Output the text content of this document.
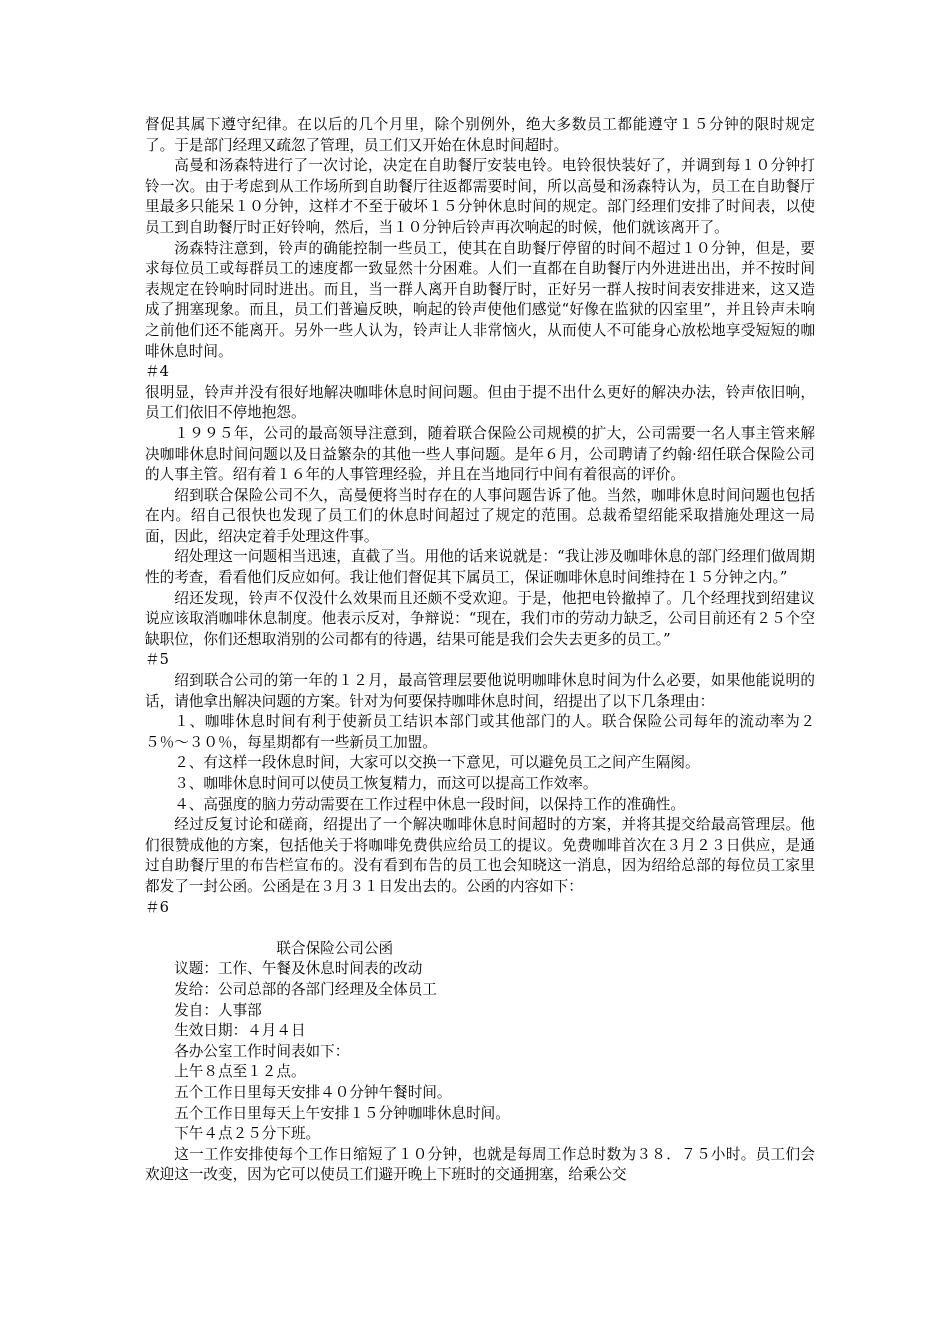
督促其属下遵守纪律。在以后的几个月里，除个别例外，绝大多数员工都能遵守１５分钟的限时规定了。于是部门经理又疏忽了管理，员工们又开始在休息时间超时。

高曼和汤森特进行了一次讨论，决定在自助餐厅安装电铃。电铃很快装好了，并调到每１０分钟打铃一次。由于考虑到从工作场所到自助餐厅往返都需要时间，所以高曼和汤森特认为，员工在自助餐厅里最多只能呆１０分钟，这样才不至于破坏１５分钟休息时间的规定。部门经理们安排了时间表，以使员工到自助餐厅时正好铃响，然后，当１０分钟后铃声再次响起的时候，他们就该离开了。

汤森特注意到，铃声的确能控制一些员工，使其在自助餐厅停留的时间不超过１０分钟，但是，要求每位员工或每群员工的速度都一致显然十分困难。人们一直都在自助餐厅内外进进出出，并不按时间表规定在铃响时同时进出。而且，当一群人离开自助餐厅时，正好另一群人按时间表安排进来，这又造成了拥塞现象。而且，员工们普遍反映，响起的铃声使他们感觉“好像在监狱的囚室里”，并且铃声未响之前他们还不能离开。另外一些人认为，铃声让人非常恼火，从而使人不可能身心放松地享受短短的咖啡休息时间。

＃4

很明显，铃声并没有很好地解决咖啡休息时间问题。但由于提不出什么更好的解决办法，铃声依旧响，员工们依旧不停地抱怨。

１９９５年，公司的最高领导注意到，随着联合保险公司规模的扩大，公司需要一名人事主管来解决咖啡休息时间问题以及日益繁杂的其他一些人事问题。是年６月，公司聘请了约翰·绍任联合保险公司的人事主管。绍有着１６年的人事管理经验，并且在当地同行中间有着很高的评价。

绍到联合保险公司不久，高曼便将当时存在的人事问题告诉了他。当然，咖啡休息时间问题也包括在内。绍自己很快也发现了员工们的休息时间超过了规定的范围。总裁希望绍能采取措施处理这一局面，因此，绍决定着手处理这件事。

绍处理这一问题相当迅速，直截了当。用他的话来说就是：“我让涉及咖啡休息的部门经理们做周期性的考查，看看他们反应如何。我让他们督促其下属员工，保证咖啡休息时间维持在１５分钟之内。”

绍还发现，铃声不仅没什么效果而且还颇不受欢迎。于是，他把电铃撤掉了。几个经理找到绍建议说应该取消咖啡休息制度。他表示反对，争辩说：“现在，我们市的劳动力缺乏，公司目前还有２５个空缺职位，你们还想取消别的公司都有的待遇，结果可能是我们会失去更多的员工。”

＃5

绍到联合公司的第一年的１２月，最高管理层要他说明咖啡休息时间为什么必要，如果他能说明的话，请他拿出解决问题的方案。针对为何要保持咖啡休息时间，绍提出了以下几条理由：

１、咖啡休息时间有利于使新员工结识本部门或其他部门的人。联合保险公司每年的流动率为２５％～３０％，每星期都有一些新员工加盟。

２、有这样一段休息时间，大家可以交换一下意见，可以避免员工之间产生隔阂。

３、咖啡休息时间可以使员工恢复精力，而这可以提高工作效率。

４、高强度的脑力劳动需要在工作过程中休息一段时间，以保持工作的准确性。

经过反复讨论和磋商，绍提出了一个解决咖啡休息时间超时的方案，并将其提交给最高管理层。他们很赞成他的方案，包括他关于将咖啡免费供应给员工的提议。免费咖啡首次在３月２３日供应，是通过自助餐厅里的布告栏宣布的。没有看到布告的员工也会知晓这一消息，因为绍给总部的每位员工家里都发了一封公函。公函是在３月３１日发出去的。公函的内容如下：

＃6

联合保险公司公函

议题：工作、午餐及休息时间表的改动

发给：公司总部的各部门经理及全体员工

发自：人事部

生效日期：４月４日

各办公室工作时间表如下：

上午８点至１２点。

五个工作日里每天安排４０分钟午餐时间。

五个工作日里每天上午安排１５分钟咖啡休息时间。

下午４点２５分下班。

这一工作安排使每个工作日缩短了１０分钟，也就是每周工作总时数为３８．７５小时。员工们会欢迎这一改变，因为它可以使员工们避开晚上下班时的交通拥塞，给乘公交
